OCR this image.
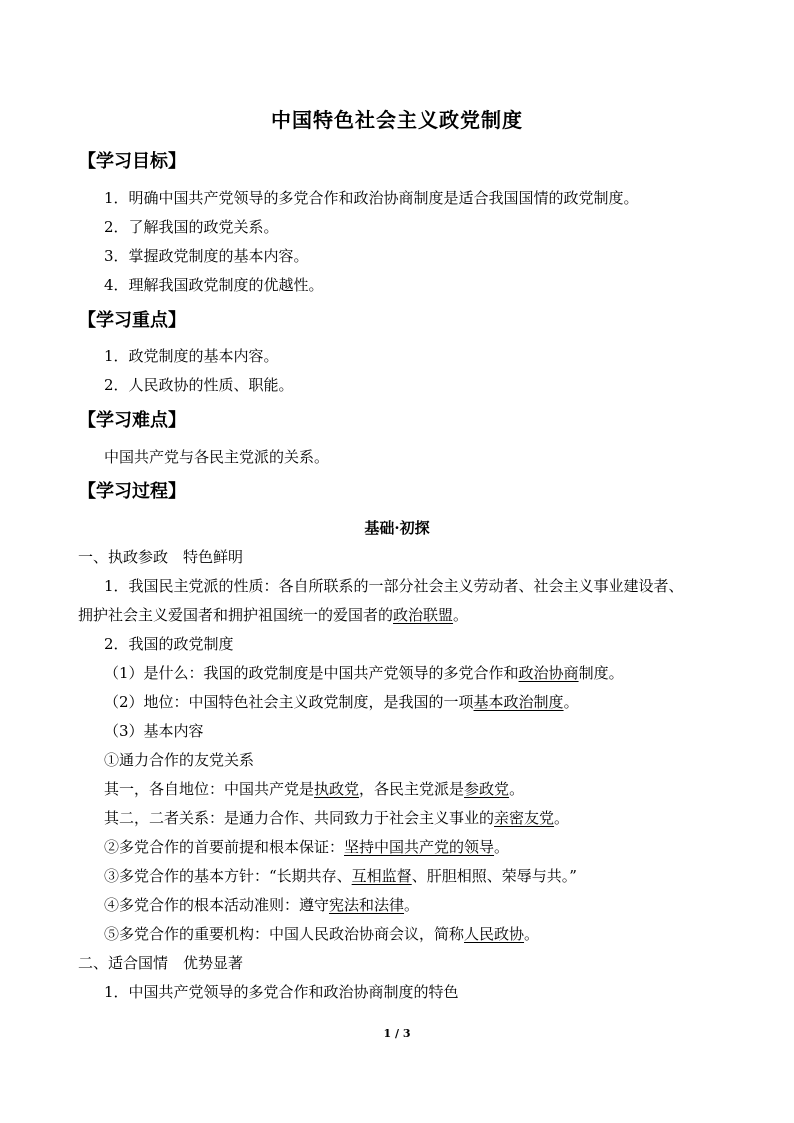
中国特色社会主义政党制度
【学习目标】
1．明确中国共产党领导的多党合作和政治协商制度是适合我国国情的政党制度。
2．了解我国的政党关系。
3．掌握政党制度的基本内容。
4．理解我国政党制度的优越性。
【学习重点】
1．政党制度的基本内容。
2．人民政协的性质、职能。
【学习难点】
中国共产党与各民主党派的关系。
【学习过程】
基础·初探
一、执政参政　特色鲜明
1．我国民主党派的性质：各自所联系的一部分社会主义劳动者、社会主义事业建设者、
拥护社会主义爱国者和拥护祖国统一的爱国者的政治联盟。
2．我国的政党制度
（1）是什么：我国的政党制度是中国共产党领导的多党合作和政治协商制度。
（2）地位：中国特色社会主义政党制度，是我国的一项基本政治制度。
（3）基本内容
①通力合作的友党关系
其一，各自地位：中国共产党是执政党，各民主党派是参政党。
其二，二者关系：是通力合作、共同致力于社会主义事业的亲密友党。
②多党合作的首要前提和根本保证：坚持中国共产党的领导。
③多党合作的基本方针：“长期共存、互相监督、肝胆相照、荣辱与共。”
④多党合作的根本活动准则：遵守宪法和法律。
⑤多党合作的重要机构：中国人民政治协商会议，简称人民政协。
二、适合国情　优势显著
1．中国共产党领导的多党合作和政治协商制度的特色
1 / 3
